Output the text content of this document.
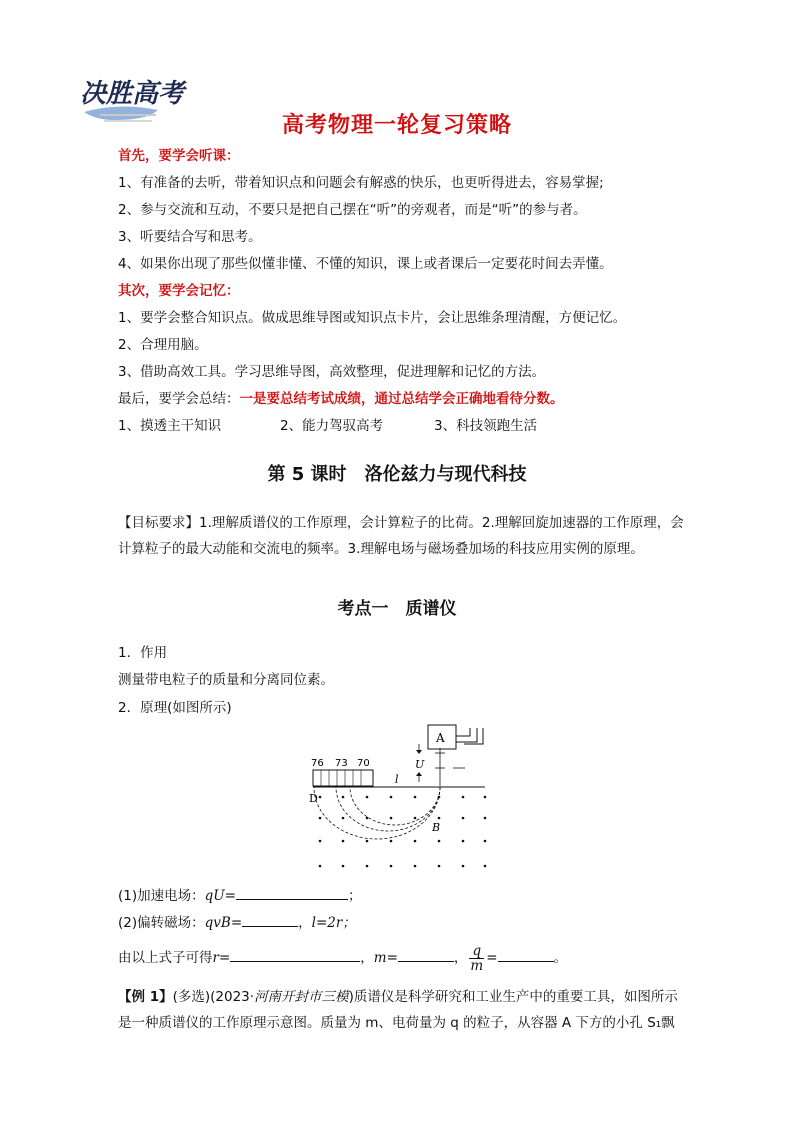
决胜高考
高考物理一轮复习策略
首先，要学会听课：
1、有准备的去听，带着知识点和问题会有解惑的快乐，也更听得进去，容易掌握;
2、参与交流和互动，不要只是把自己摆在“听”的旁观者，而是“听”的参与者。
3、听要结合写和思考。
4、如果你出现了那些似懂非懂、不懂的知识，课上或者课后一定要花时间去弄懂。
其次，要学会记忆：
1、要学会整合知识点。做成思维导图或知识点卡片，会让思维条理清醒，方便记忆。
2、合理用脑。
3、借助高效工具。学习思维导图，高效整理，促进理解和记忆的方法。
最后，要学会总结：一是要总结考试成绩，通过总结学会正确地看待分数。
1、摸透主干知识	2、能力驾驭高考	3、科技领跑生活
第 5 课时　洛伦兹力与现代科技
【目标要求】1.理解质谱仪的工作原理，会计算粒子的比荷。2.理解回旋加速器的工作原理，会计算粒子的最大动能和交流电的频率。3.理解电场与磁场叠加场的科技应用实例的原理。
考点一　质谱仪
1．作用
测量带电粒子的质量和分离同位素。
2．原理(如图所示)
A
U
76 73 70
l
D
B
(1)加速电场：qU=	；
(2)偏转磁场：qvB=	，l=2r；
由以上式子可得r=	，m=	， $\frac{q}{m}$ =	。
【例 1】(多选)(2023·河南开封市三模)质谱仪是科学研究和工业生产中的重要工具，如图所示是一种质谱仪的工作原理示意图。质量为 m、电荷量为 q 的粒子，从容器 A 下方的小孔 S₁飘
